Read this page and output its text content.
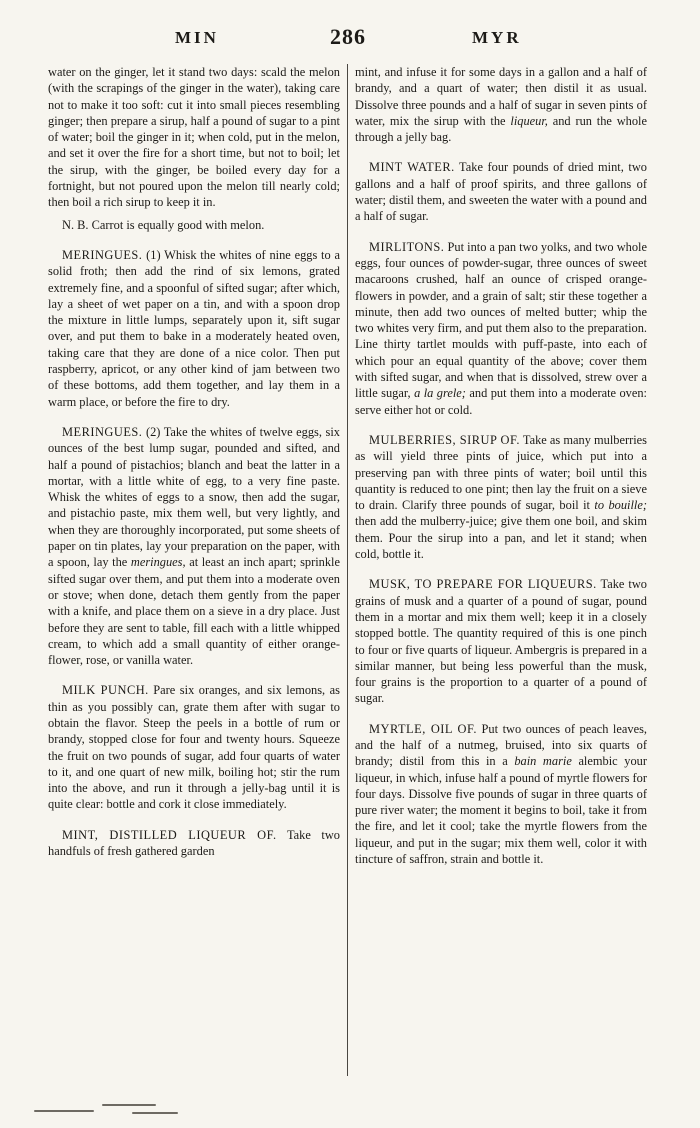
MIN	286	MYR

water on the ginger, let it stand two days: scald the melon (with the scrapings of the ginger in the water), taking care not to make it too soft: cut it into small pieces resembling ginger; then prepare a sirup, half a pound of sugar to a pint of water; boil the ginger in it; when cold, put in the melon, and set it over the fire for a short time, but not to boil; let the sirup, with the ginger, be boiled every day for a fortnight, but not poured upon the melon till nearly cold; then boil a rich sirup to keep it in.

N. B. Carrot is equally good with melon.

MERINGUES. (1) Whisk the whites of nine eggs to a solid froth; then add the rind of six lemons, grated extremely fine, and a spoonful of sifted sugar; after which, lay a sheet of wet paper on a tin, and with a spoon drop the mixture in little lumps, separately upon it, sift sugar over, and put them to bake in a moderately heated oven, taking care that they are done of a nice color. Then put raspberry, apricot, or any other kind of jam between two of these bottoms, add them together, and lay them in a warm place, or before the fire to dry.

MERINGUES. (2) Take the whites of twelve eggs, six ounces of the best lump sugar, pounded and sifted, and half a pound of pistachios; blanch and beat the latter in a mortar, with a little white of egg, to a very fine paste. Whisk the whites of eggs to a snow, then add the sugar, and pistachio paste, mix them well, but very lightly, and when they are thoroughly incorporated, put some sheets of paper on tin plates, lay your preparation on the paper, with a spoon, lay the meringues, at least an inch apart; sprinkle sifted sugar over them, and put them into a moderate oven or stove; when done, detach them gently from the paper with a knife, and place them on a sieve in a dry place. Just before they are sent to table, fill each with a little whipped cream, to which add a small quantity of either orange-flower, rose, or vanilla water.

MILK PUNCH. Pare six oranges, and six lemons, as thin as you possibly can, grate them after with sugar to obtain the flavor. Steep the peels in a bottle of rum or brandy, stopped close for four and twenty hours. Squeeze the fruit on two pounds of sugar, add four quarts of water to it, and one quart of new milk, boiling hot; stir the rum into the above, and run it through a jelly-bag until it is quite clear: bottle and cork it close immediately.

MINT, DISTILLED LIQUEUR OF. Take two handfuls of fresh gathered garden

mint, and infuse it for some days in a gallon and a half of brandy, and a quart of water; then distil it as usual. Dissolve three pounds and a half of sugar in seven pints of water, mix the sirup with the liqueur, and run the whole through a jelly bag.

MINT WATER. Take four pounds of dried mint, two gallons and a half of proof spirits, and three gallons of water; distil them, and sweeten the water with a pound and a half of sugar.

MIRLITONS. Put into a pan two yolks, and two whole eggs, four ounces of powder-sugar, three ounces of sweet macaroons crushed, half an ounce of crisped orange-flowers in powder, and a grain of salt; stir these together a minute, then add two ounces of melted butter; whip the two whites very firm, and put them also to the preparation. Line thirty tartlet moulds with puff-paste, into each of which pour an equal quantity of the above; cover them with sifted sugar, and when that is dissolved, strew over a little sugar, a la grele; and put them into a moderate oven: serve either hot or cold.

MULBERRIES, SIRUP OF. Take as many mulberries as will yield three pints of juice, which put into a preserving pan with three pints of water; boil until this quantity is reduced to one pint; then lay the fruit on a sieve to drain. Clarify three pounds of sugar, boil it to bouille; then add the mulberry-juice; give them one boil, and skim them. Pour the sirup into a pan, and let it stand; when cold, bottle it.

MUSK, TO PREPARE FOR LIQUEURS. Take two grains of musk and a quarter of a pound of sugar, pound them in a mortar and mix them well; keep it in a closely stopped bottle. The quantity required of this is one pinch to four or five quarts of liqueur. Ambergris is prepared in a similar manner, but being less powerful than the musk, four grains is the proportion to a quarter of a pound of sugar.

MYRTLE, OIL OF. Put two ounces of peach leaves, and the half of a nutmeg, bruised, into six quarts of brandy; distil from this in a bain marie alembic your liqueur, in which, infuse half a pound of myrtle flowers for four days. Dissolve five pounds of sugar in three quarts of pure river water; the moment it begins to boil, take it from the fire, and let it cool; take the myrtle flowers from the liqueur, and put in the sugar; mix them well, color it with tincture of saffron, strain and bottle it.
